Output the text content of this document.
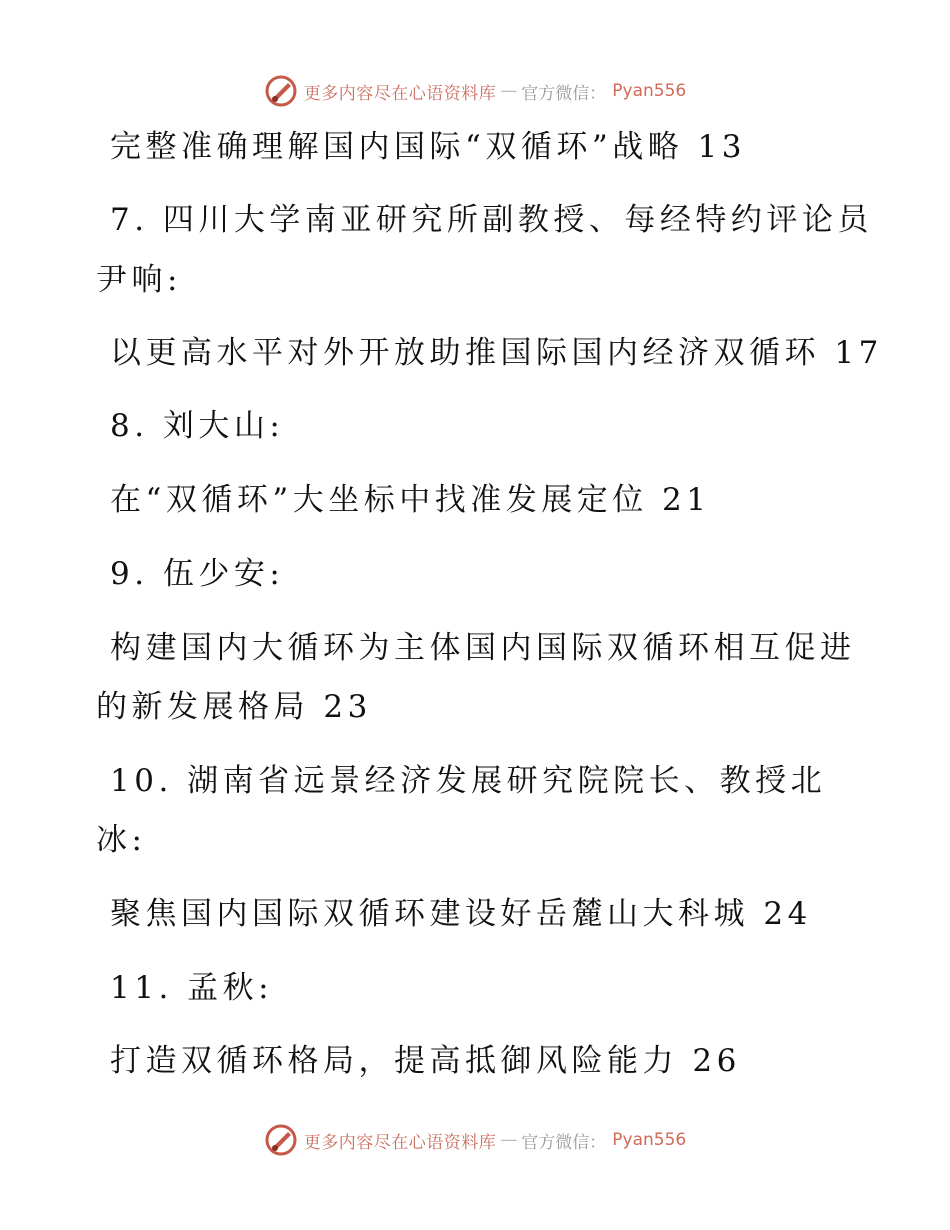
更多内容尽在心语资料库 — 官方微信： Pyan556
完整准确理解国内国际“双循环”战略 13
7. 四川大学南亚研究所副教授、每经特约评论员
尹响:
以更高水平对外开放助推国际国内经济双循环 17
8. 刘大山:
在“双循环”大坐标中找准发展定位 21
9. 伍少安:
构建国内大循环为主体国内国际双循环相互促进
的新发展格局 23
10. 湖南省远景经济发展研究院院长、教授北
冰:
聚焦国内国际双循环建设好岳麓山大科城 24
11. 孟秋:
打造双循环格局，提高抵御风险能力 26
更多内容尽在心语资料库 — 官方微信： Pyan556
